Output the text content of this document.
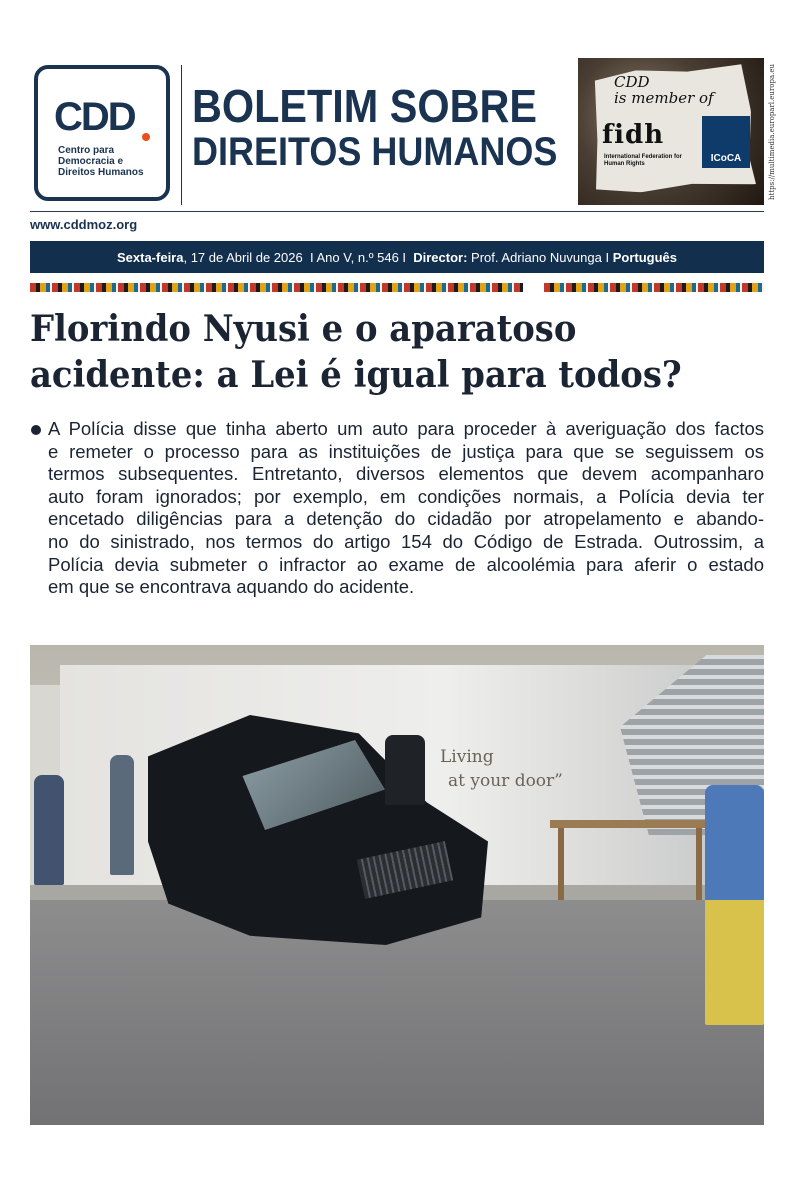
CDD

Centro para
Democracia e
Direitos Humanos

BOLETIM SOBRE
DIREITOS HUMANOS
CDD
is member of
fidh
International Federation for Human Rights	ICoCA	https://multimedia.europarl.europa.eu
www.cddmoz.org
Sexta-feira , 17 de Abril de 2026  I Ano V, n.º 546 I Director: Prof. Adriano Nuvunga I Português
Florindo Nyusi e o aparatoso
acidente: a Lei é igual para todos?

A Polícia disse que tinha aberto um auto para proceder à averiguação dos factos
e remeter o processo para as instituições de justiça para que se seguissem os
termos subsequentes. Entretanto, diversos elementos que devem acompanharo
auto foram ignorados; por exemplo, em condições normais, a Polícia devia ter
encetado diligências para a detenção do cidadão por atropelamento e abando-
no do sinistrado, nos termos do artigo 154 do Código de Estrada. Outrossim, a
Polícia devia submeter o infractor ao exame de alcoolémia para aferir o estado
em que se encontrava aquando do acidente.

Living
at your door”
